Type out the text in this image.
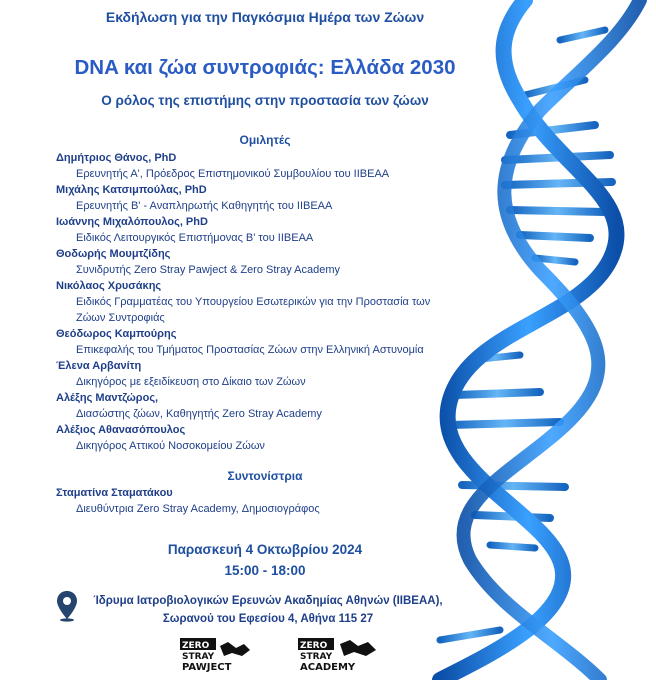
Εκδήλωση για την Παγκόσμια Ημέρα των Ζώων
DNA και ζώα συντροφιάς: Ελλάδα 2030
Ο ρόλος της επιστήμης στην προστασία των ζώων
Ομιλητές
Δημήτριος Θάνος, PhD
Ερευνητής Α', Πρόεδρος Επιστημονικού Συμβουλίου του ΙΙΒΕΑΑ
Μιχάλης Κατσιμπούλας, PhD
Ερευνητής Β' - Αναπληρωτής Καθηγητής του ΙΙΒΕΑΑ
Ιωάννης Μιχαλόπουλος, PhD
Ειδικός Λειτουργικός Επιστήμονας Β' του ΙΙΒΕΑΑ
Θοδωρής Μουμτζίδης
Συνιδρυτής Zero Stray Pawject & Zero Stray Academy
Νικόλαος Χρυσάκης
Ειδικός Γραμματέας του Υπουργείου Εσωτερικών για την Προστασία των
Ζώων Συντροφιάς
Θεόδωρος Καμπούρης
Επικεφαλής του Τμήματος Προστασίας Ζώων στην Ελληνική Αστυνομία
Έλενα Αρβανίτη
Δικηγόρος με εξειδίκευση στο Δίκαιο των Ζώων
Αλέξης Μαντζώρος,
Διασώστης ζώων, Καθηγητής Zero Stray Academy
Αλέξιος Αθανασόπουλος
Δικηγόρος Αττικού Νοσοκομείου Ζώων
Συντονίστρια
Σταματίνα Σταματάκου
Διευθύντρια Zero Stray Academy, Δημοσιογράφος
Παρασκευή 4 Οκτωβρίου 2024
15:00 - 18:00
Ίδρυμα Ιατροβιολογικών Ερευνών Ακαδημίας Αθηνών (ΙΙΒΕΑΑ),
Σωρανού του Εφεσίου 4, Αθήνα 115 27
ZERO
STRAY
PAWJECT
ZERO
STRAY
ACADEMY
